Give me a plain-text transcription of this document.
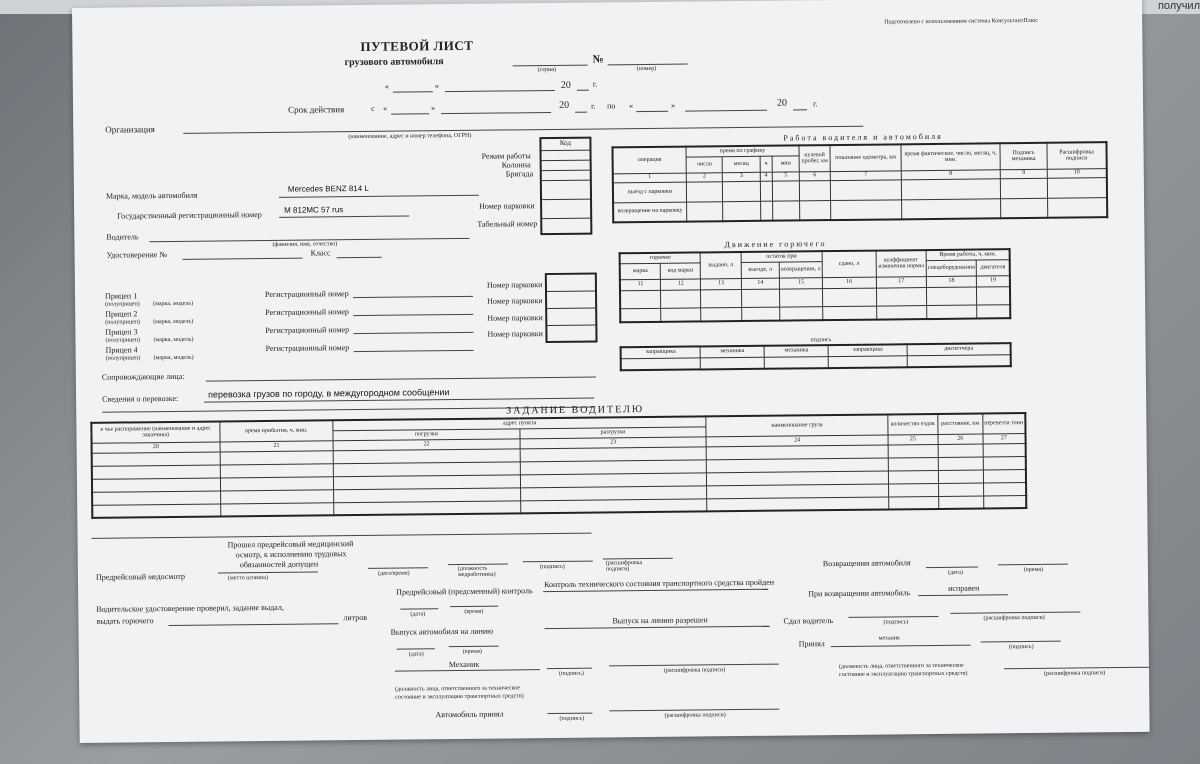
получил
Подготовлено с использованием системы КонсультантПлюс
ПУТЕВОЙ ЛИСТ
грузового автомобиля	№
(серия)	(номер)
«	»	20	г.
Срок действия	с «	»	20	г. по «	»	20	г.
Организация
(наименование, адрес и номер телефона, ОГРН)
Код
Режим работы
Колонна
Бригада
Марка, модель автомобиля
Mercedes BENZ 814 L
Государственный регистрационный номер
М 812МС 57 rus	Номер парковки
Табельный номер
Водитель
(фамилия, имя, отчество)
Удостоверение №	Класс
Прицеп 1
(полуприцеп) (марка, модель)
Прицеп 2
(полуприцеп) (марка, модель)
Прицеп 3
(полуприцеп) (марка, модель)
Прицеп 4
(полуприцеп) (марка, модель)
Регистрационный номер
Регистрационный номер
Регистрационный номер
Регистрационный номер
Номер парковки
Номер парковки
Номер парковки
Номер парковки
Сопровождающие лица:
Сведения о перевозке:	перевозка грузов по городу, в междугородном сообщении
Работа водителя и автомобиля
операция	время по графику				нулевой пробег, км	показание одометра, км	время фактическое, число, месяц, ч, мин.	Подпись механика	Расшифровка подписи
	число	месяц	ч	мин					
1	2	3	4	5	6	7	8	9	10
выезд с парковки									
возвращение на парковку									
Движение горючего
горючее		выдано, л	остаток при		сдано, л	коэффициент изменения нормы	Время работы, ч, мин.	
марка	код марки		выезде, л	возвращении, л			спецоборудования	двигателя
11	12	13	14	15	16	17	18	19

подпись
заправщика	механика	механика	заправщика	диспетчера

ЗАДАНИЕ ВОДИТЕЛЮ
в чье распоряжение (наименование и адрес заказчика)	время прибытия, ч, мин.	адрес пункта		наименование груза	количество ездок	расстояние, км	перевезти тонн
		погрузки	разгрузки				
20	21	22	23	24	25	26	27

Прошел предрейсовый медицинский
осмотр, к исполнению трудовых
обязанностей допущен
Предрейсовый медосмотр	(место штампа)
(дата/время)
(должность медработника)
(подпись)
(расшифровка подписи)
Водительское удостоверение проверил, задание выдал,
выдать горючего	литров
Предрейсовый (предсменный) контроль
Контроль технического состояния транспортного средства пройден
(дата)	(время)
Выпуск автомобиля на линию
Выпуск на линию разрешен
(дата)	(время)
Механик
(подпись)	(расшифровка подписи)
(должность лица, ответственного за техническое состояние и эксплуатацию транспортных средств)
Автомобиль принял	(подпись)	(расшифровка подписи)
Возвращении автомобиля
(дата)	(время)
При возвращении автомобиль
исправен
Сдал водитель	(подпись)
(расшифровка подписи)
Принял
механик
(подпись)
(должность лица, ответственного за техническое состояние и эксплуатацию транспортных средств)	(расшифровка подписи)
